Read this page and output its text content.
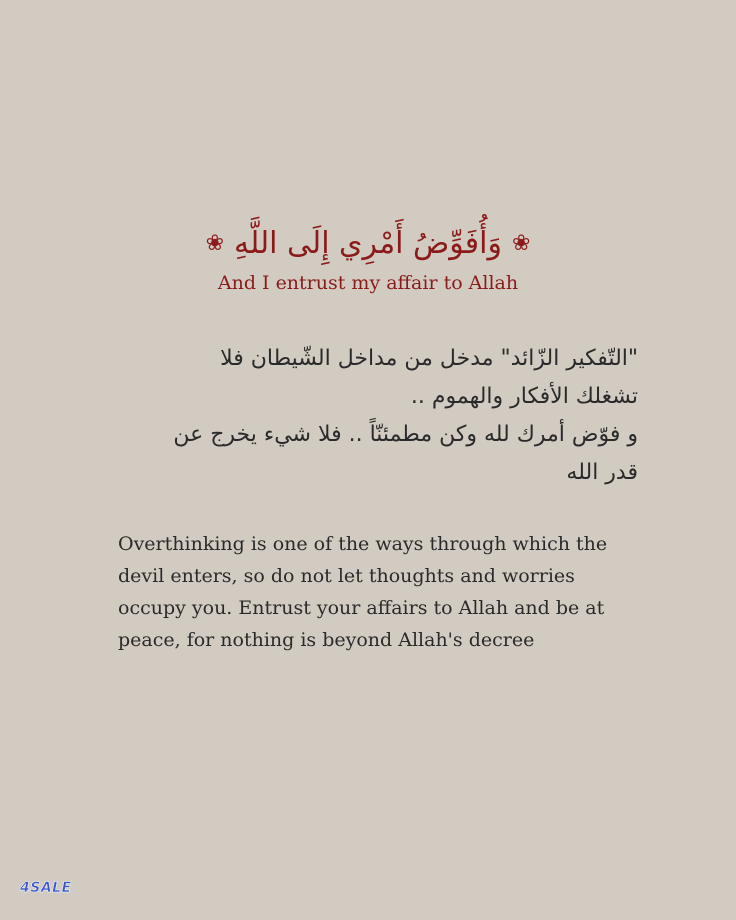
❀
وَأُفَوِّضُ أَمْرِي إِلَى اللَّهِ
❀
And I entrust my affair to Allah

"التّفكير الزّائد" مدخل من مداخل الشّيطان فلا

تشغلك الأفكار والهموم ..

و فوّض أمرك لله وكن مطمئنّاً .. فلا شيء يخرج عن

قدر الله

Overthinking is one of the ways through which the

devil enters, so do not let thoughts and worries

occupy you. Entrust your affairs to Allah and be at

peace, for nothing is beyond Allah's decree

4SALE
